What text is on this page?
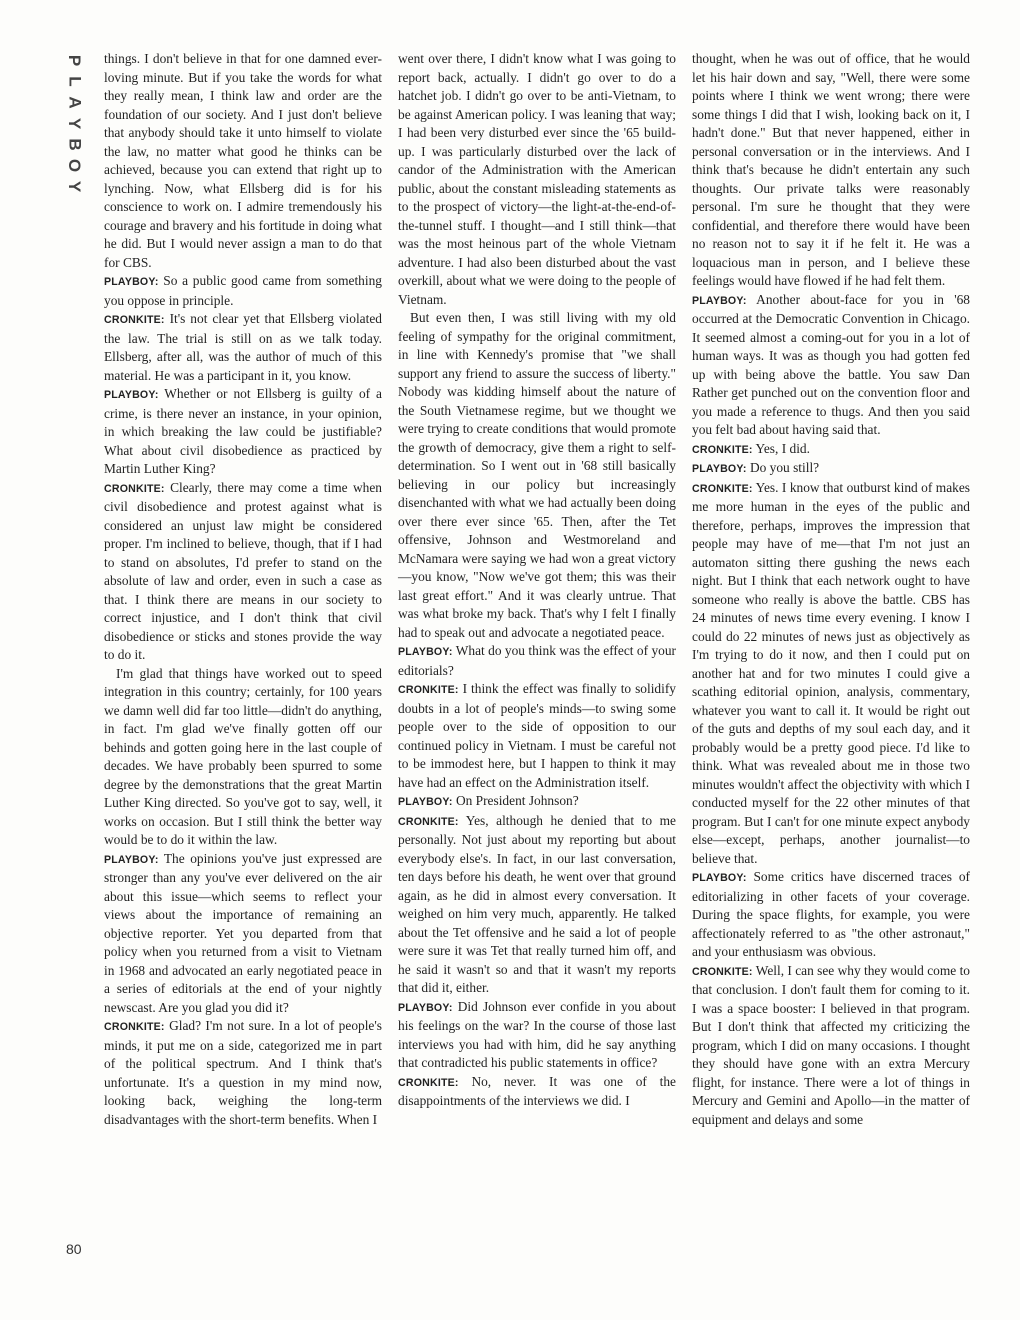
P
L
A
Y
B
O
Y

things. I don't believe in that for one damned ever-loving minute. But if you take the words for what they really mean, I think law and order are the foundation of our society. And I just don't believe that anybody should take it unto himself to violate the law, no matter what good he thinks can be achieved, because you can extend that right up to lynching. Now, what Ellsberg did is for his conscience to work on. I admire tremendously his courage and bravery and his fortitude in doing what he did. But I would never assign a man to do that for CBS.

PLAYBOY: So a public good came from something you oppose in principle.

CRONKITE: It's not clear yet that Ellsberg violated the law. The trial is still on as we talk today. Ellsberg, after all, was the author of much of this material. He was a participant in it, you know.

PLAYBOY: Whether or not Ellsberg is guilty of a crime, is there never an instance, in your opinion, in which breaking the law could be justifiable? What about civil disobedience as practiced by Martin Luther King?

CRONKITE: Clearly, there may come a time when civil disobedience and protest against what is considered an unjust law might be considered proper. I'm inclined to believe, though, that if I had to stand on absolutes, I'd prefer to stand on the absolute of law and order, even in such a case as that. I think there are means in our society to correct injustice, and I don't think that civil disobedience or sticks and stones provide the way to do it.

I'm glad that things have worked out to speed integration in this country; certainly, for 100 years we damn well did far too little—didn't do anything, in fact. I'm glad we've finally gotten off our behinds and gotten going here in the last couple of decades. We have probably been spurred to some degree by the demonstrations that the great Martin Luther King directed. So you've got to say, well, it works on occasion. But I still think the better way would be to do it within the law.

PLAYBOY: The opinions you've just expressed are stronger than any you've ever delivered on the air about this issue—which seems to reflect your views about the importance of remaining an objective reporter. Yet you departed from that policy when you returned from a visit to Vietnam in 1968 and advocated an early negotiated peace in a series of editorials at the end of your nightly newscast. Are you glad you did it?

CRONKITE: Glad? I'm not sure. In a lot of people's minds, it put me on a side, categorized me in part of the political spectrum. And I think that's unfortunate. It's a question in my mind now, looking back, weighing the long-term disadvantages with the short-term benefits. When I

went over there, I didn't know what I was going to report back, actually. I didn't go over to do a hatchet job. I didn't go over to be anti-Vietnam, to be against American policy. I was leaning that way; I had been very disturbed ever since the '65 build-up. I was particularly disturbed over the lack of candor of the Administration with the American public, about the constant misleading statements as to the prospect of victory—the light-at-the-end-of-the-tunnel stuff. I thought—and I still think—that was the most heinous part of the whole Vietnam adventure. I had also been disturbed about the vast overkill, about what we were doing to the people of Vietnam.

But even then, I was still living with my old feeling of sympathy for the original commitment, in line with Kennedy's promise that "we shall support any friend to assure the success of liberty." Nobody was kidding himself about the nature of the South Vietnamese regime, but we thought we were trying to create conditions that would promote the growth of democracy, give them a right to self-determination. So I went out in '68 still basically believing in our policy but increasingly disenchanted with what we had actually been doing over there ever since '65. Then, after the Tet offensive, Johnson and Westmoreland and McNamara were saying we had won a great victory—you know, "Now we've got them; this was their last great effort." And it was clearly untrue. That was what broke my back. That's why I felt I finally had to speak out and advocate a negotiated peace.

PLAYBOY: What do you think was the effect of your editorials?

CRONKITE: I think the effect was finally to solidify doubts in a lot of people's minds—to swing some people over to the side of opposition to our continued policy in Vietnam. I must be careful not to be immodest here, but I happen to think it may have had an effect on the Administration itself.

PLAYBOY: On President Johnson?

CRONKITE: Yes, although he denied that to me personally. Not just about my reporting but about everybody else's. In fact, in our last conversation, ten days before his death, he went over that ground again, as he did in almost every conversation. It weighed on him very much, apparently. He talked about the Tet offensive and he said a lot of people were sure it was Tet that really turned him off, and he said it wasn't so and that it wasn't my reports that did it, either.

PLAYBOY: Did Johnson ever confide in you about his feelings on the war? In the course of those last interviews you had with him, did he say anything that contradicted his public statements in office?

CRONKITE: No, never. It was one of the disappointments of the interviews we did. I

thought, when he was out of office, that he would let his hair down and say, "Well, there were some points where I think we went wrong; there were some things I did that I wish, looking back on it, I hadn't done." But that never happened, either in personal conversation or in the interviews. And I think that's because he didn't entertain any such thoughts. Our private talks were reasonably personal. I'm sure he thought that they were confidential, and therefore there would have been no reason not to say it if he felt it. He was a loquacious man in person, and I believe these feelings would have flowed if he had felt them.

PLAYBOY: Another about-face for you in '68 occurred at the Democratic Convention in Chicago. It seemed almost a coming-out for you in a lot of human ways. It was as though you had gotten fed up with being above the battle. You saw Dan Rather get punched out on the convention floor and you made a reference to thugs. And then you said you felt bad about having said that.

CRONKITE: Yes, I did.

PLAYBOY: Do you still?

CRONKITE: Yes. I know that outburst kind of makes me more human in the eyes of the public and therefore, perhaps, improves the impression that people may have of me—that I'm not just an automaton sitting there gushing the news each night. But I think that each network ought to have someone who really is above the battle. CBS has 24 minutes of news time every evening. I know I could do 22 minutes of news just as objectively as I'm trying to do it now, and then I could put on another hat and for two minutes I could give a scathing editorial opinion, analysis, commentary, whatever you want to call it. It would be right out of the guts and depths of my soul each day, and it probably would be a pretty good piece. I'd like to think. What was revealed about me in those two minutes wouldn't affect the objectivity with which I conducted myself for the 22 other minutes of that program. But I can't for one minute expect anybody else—except, perhaps, another journalist—to believe that.

PLAYBOY: Some critics have discerned traces of editorializing in other facets of your coverage. During the space flights, for example, you were affectionately referred to as "the other astronaut," and your enthusiasm was obvious.

CRONKITE: Well, I can see why they would come to that conclusion. I don't fault them for coming to it. I was a space booster: I believed in that program. But I don't think that affected my criticizing the program, which I did on many occasions. I thought they should have gone with an extra Mercury flight, for instance. There were a lot of things in Mercury and Gemini and Apollo—in the matter of equipment and delays and some

80
